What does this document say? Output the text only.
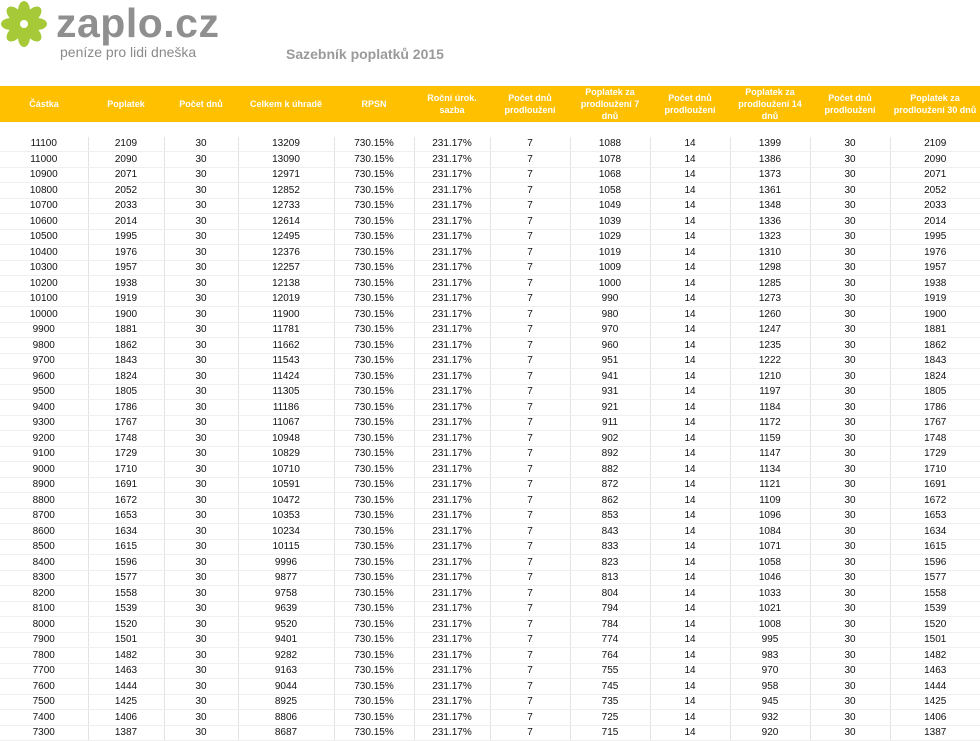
zaplo.cz
peníze pro lidi dneška	Sazebník poplatků 2015
Částka	Poplatek	Počet dnů	Celkem k úhradě	RPSN	Roční úrok. sazba	Počet dnů prodloužení	Poplatek za prodloužení 7 dnů	Počet dnů prodloužení	Poplatek za prodloužení 14 dnů	Počet dnů prodloužení	Poplatek za prodloužení 30 dnů

11100	2109	30	13209	730.15%	231.17%	7	1088	14	1399	30	2109
11000	2090	30	13090	730.15%	231.17%	7	1078	14	1386	30	2090
10900	2071	30	12971	730.15%	231.17%	7	1068	14	1373	30	2071
10800	2052	30	12852	730.15%	231.17%	7	1058	14	1361	30	2052
10700	2033	30	12733	730.15%	231.17%	7	1049	14	1348	30	2033
10600	2014	30	12614	730.15%	231.17%	7	1039	14	1336	30	2014
10500	1995	30	12495	730.15%	231.17%	7	1029	14	1323	30	1995
10400	1976	30	12376	730.15%	231.17%	7	1019	14	1310	30	1976
10300	1957	30	12257	730.15%	231.17%	7	1009	14	1298	30	1957
10200	1938	30	12138	730.15%	231.17%	7	1000	14	1285	30	1938
10100	1919	30	12019	730.15%	231.17%	7	990	14	1273	30	1919
10000	1900	30	11900	730.15%	231.17%	7	980	14	1260	30	1900
9900	1881	30	11781	730.15%	231.17%	7	970	14	1247	30	1881
9800	1862	30	11662	730.15%	231.17%	7	960	14	1235	30	1862
9700	1843	30	11543	730.15%	231.17%	7	951	14	1222	30	1843
9600	1824	30	11424	730.15%	231.17%	7	941	14	1210	30	1824
9500	1805	30	11305	730.15%	231.17%	7	931	14	1197	30	1805
9400	1786	30	11186	730.15%	231.17%	7	921	14	1184	30	1786
9300	1767	30	11067	730.15%	231.17%	7	911	14	1172	30	1767
9200	1748	30	10948	730.15%	231.17%	7	902	14	1159	30	1748
9100	1729	30	10829	730.15%	231.17%	7	892	14	1147	30	1729
9000	1710	30	10710	730.15%	231.17%	7	882	14	1134	30	1710
8900	1691	30	10591	730.15%	231.17%	7	872	14	1121	30	1691
8800	1672	30	10472	730.15%	231.17%	7	862	14	1109	30	1672
8700	1653	30	10353	730.15%	231.17%	7	853	14	1096	30	1653
8600	1634	30	10234	730.15%	231.17%	7	843	14	1084	30	1634
8500	1615	30	10115	730.15%	231.17%	7	833	14	1071	30	1615
8400	1596	30	9996	730.15%	231.17%	7	823	14	1058	30	1596
8300	1577	30	9877	730.15%	231.17%	7	813	14	1046	30	1577
8200	1558	30	9758	730.15%	231.17%	7	804	14	1033	30	1558
8100	1539	30	9639	730.15%	231.17%	7	794	14	1021	30	1539
8000	1520	30	9520	730.15%	231.17%	7	784	14	1008	30	1520
7900	1501	30	9401	730.15%	231.17%	7	774	14	995	30	1501
7800	1482	30	9282	730.15%	231.17%	7	764	14	983	30	1482
7700	1463	30	9163	730.15%	231.17%	7	755	14	970	30	1463
7600	1444	30	9044	730.15%	231.17%	7	745	14	958	30	1444
7500	1425	30	8925	730.15%	231.17%	7	735	14	945	30	1425
7400	1406	30	8806	730.15%	231.17%	7	725	14	932	30	1406
7300	1387	30	8687	730.15%	231.17%	7	715	14	920	30	1387
